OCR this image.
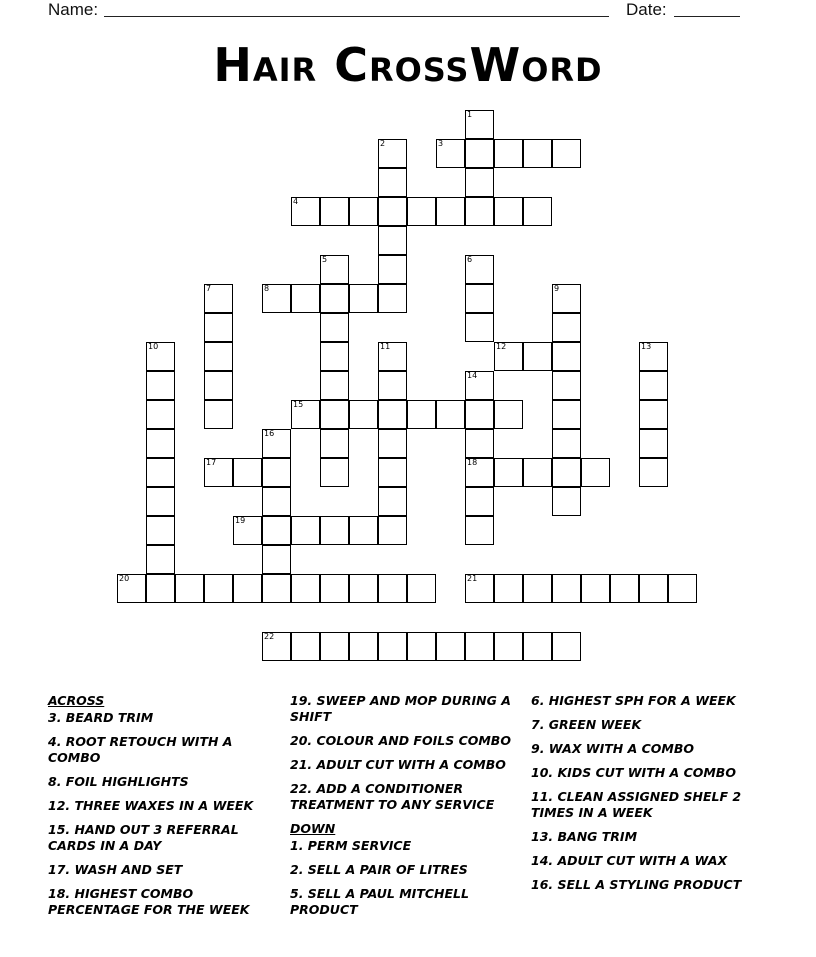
Name:	Date:
Hair CrossWord
1
2	3
4
5	6
7	8	9
10	11	12	13
14
18
15
16
17
19
20	21
22
ACROSS
3. BEARD TRIM
4. ROOT RETOUCH WITH A COMBO
8. FOIL HIGHLIGHTS
12. THREE WAXES IN A WEEK
15. HAND OUT 3 REFERRAL CARDS IN A DAY
17. WASH AND SET
18. HIGHEST COMBO PERCENTAGE FOR THE WEEK
19. SWEEP AND MOP DURING A SHIFT
20. COLOUR AND FOILS COMBO
21. ADULT CUT WITH A COMBO
22. ADD A CONDITIONER TREATMENT TO ANY SERVICE
DOWN
1. PERM SERVICE
2. SELL A PAIR OF LITRES
5. SELL A PAUL MITCHELL PRODUCT
6. HIGHEST SPH FOR A WEEK
7. GREEN WEEK
9. WAX WITH A COMBO
10. KIDS CUT WITH A COMBO
11. CLEAN ASSIGNED SHELF 2 TIMES IN A WEEK
13. BANG TRIM
14. ADULT CUT WITH A WAX
16. SELL A STYLING PRODUCT
